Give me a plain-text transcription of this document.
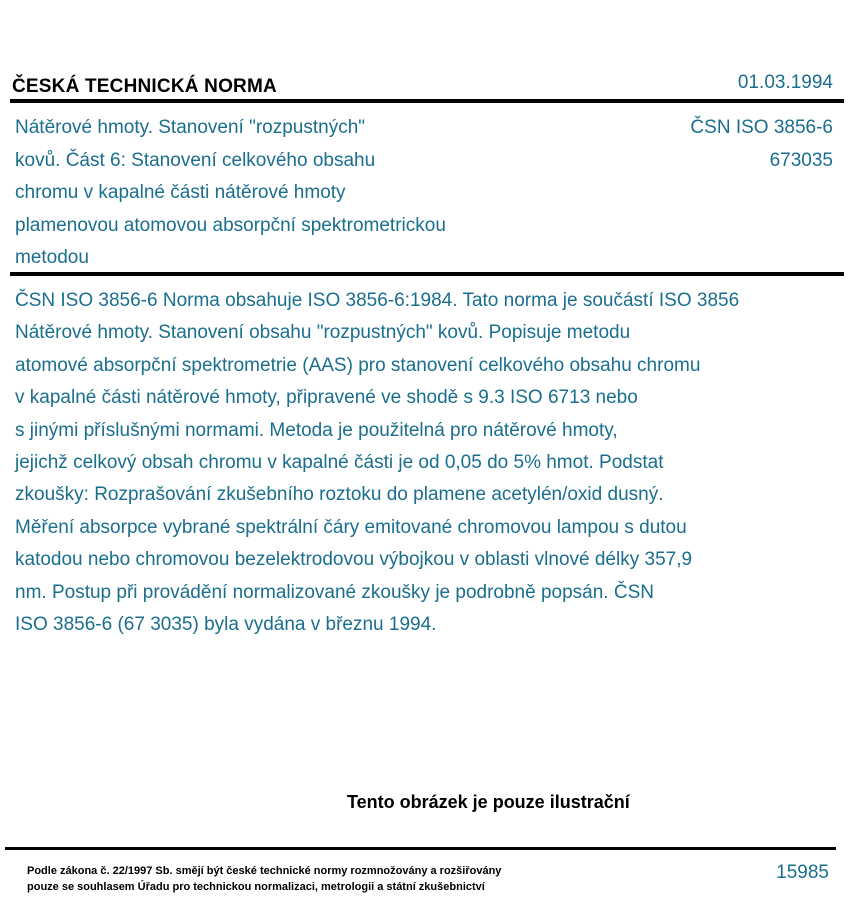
ČESKÁ TECHNICKÁ NORMA	01.03.1994
Nátěrové hmoty. Stanovení "rozpustných"
kovů. Část 6: Stanovení celkového obsahu
chromu v kapalné části nátěrové hmoty
plamenovou atomovou absorpční spektrometrickou
metodou
ČSN ISO 3856-6
673035
ČSN ISO 3856-6 Norma obsahuje ISO 3856-6:1984. Tato norma je součástí ISO 3856
Nátěrové hmoty. Stanovení obsahu "rozpustných" kovů. Popisuje metodu
atomové absorpční spektrometrie (AAS) pro stanovení celkového obsahu chromu
v kapalné části nátěrové hmoty, připravené ve shodě s 9.3 ISO 6713 nebo
s jinými příslušnými normami. Metoda je použitelná pro nátěrové hmoty,
jejichž celkový obsah chromu v kapalné části je od 0,05 do 5% hmot. Podstat
zkoušky: Rozprašování zkušebního roztoku do plamene acetylén/oxid dusný.
Měření absorpce vybrané spektrální čáry emitované chromovou lampou s dutou
katodou nebo chromovou bezelektrodovou výbojkou v oblasti vlnové délky 357,9
nm. Postup při provádění normalizované zkoušky je podrobně popsán. ČSN
ISO 3856-6 (67 3035) byla vydána v březnu 1994.
Tento obrázek je pouze ilustrační
Podle zákona č. 22/1997 Sb. smějí být české technické normy rozmnožovány a rozšiřovány
pouze se souhlasem Úřadu pro technickou normalizaci, metrologii a státní zkušebnictví
15985
